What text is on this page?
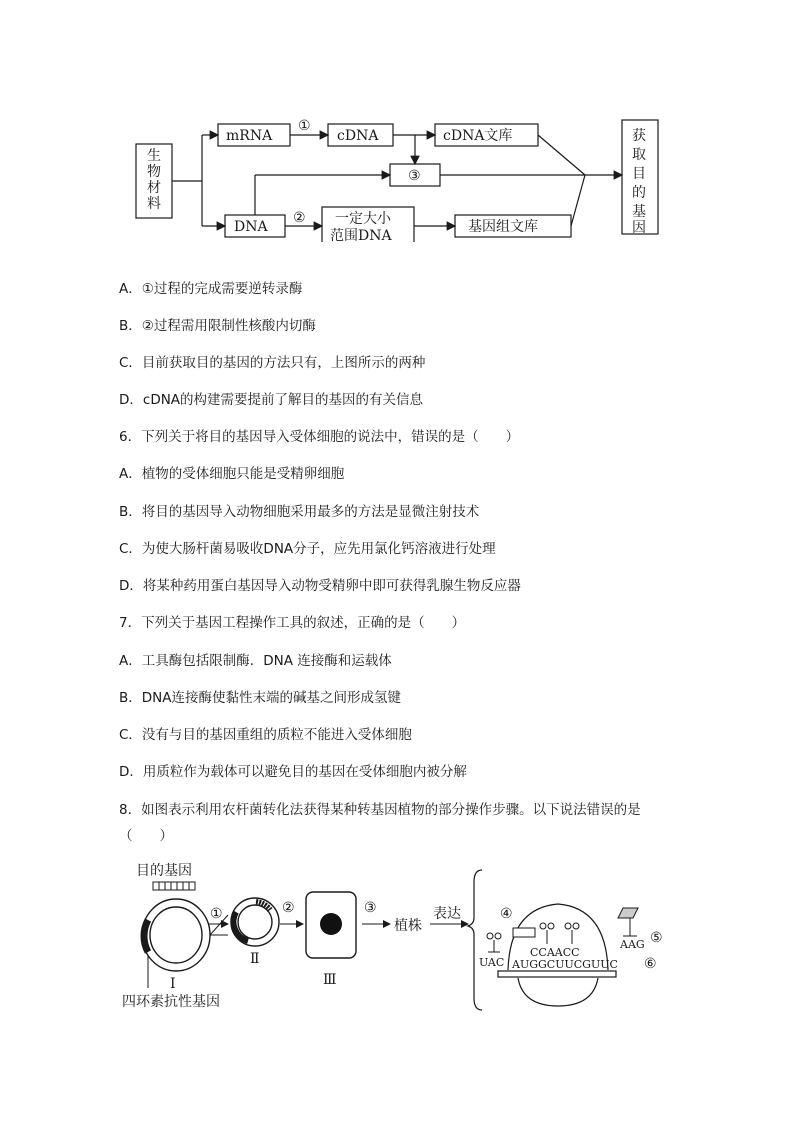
生
物
材
料
mRNA
①
cDNA	cDNA文库
③
DNA
② 一定大小
范围DNA
基因组文库
获
取
目
的
基
因
A．①过程的完成需要逆转录酶
B．②过程需用限制性核酸内切酶
C．目前获取目的基因的方法只有，上图所示的两种
D．cDNA的构建需要提前了解目的基因的有关信息
6．下列关于将目的基因导入受体细胞的说法中，错误的是（　　）
A．植物的受体细胞只能是受精卵细胞
B．将目的基因导入动物细胞采用最多的方法是显微注射技术
C．为使大肠杆菌易吸收DNA分子，应先用氯化钙溶液进行处理
D．将某种药用蛋白基因导入动物受精卵中即可获得乳腺生物反应器
7．下列关于基因工程操作工具的叙述，正确的是（　　）
A．工具酶包括限制酶．DNA 连接酶和运载体
B．DNA连接酶使黏性末端的碱基之间形成氢键
C．没有与目的基因重组的质粒不能进入受体细胞
D．用质粒作为载体可以避免目的基因在受体细胞内被分解
8．如图表示利用农杆菌转化法获得某种转基因植物的部分操作步骤。以下说法错误的是（　　）
目的基因
Ⅰ
四环素抗性基因
①
Ⅱ
②
Ⅲ
③
植株
表达
UAC
④
CCAACC
AUGGCUUCGUUC
AAG ⑤
⑥
